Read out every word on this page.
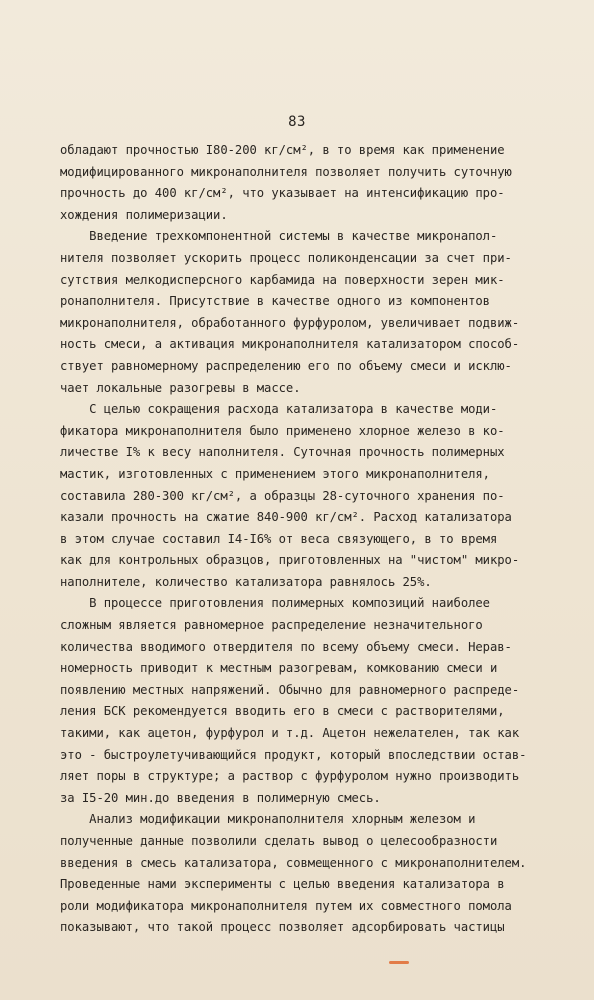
83
обладают прочностью I80-200 кг/см², в то время как применение
модифицированного микронаполнителя позволяет получить суточную
прочность до 400 кг/см², что указывает на интенсификацию про-
хождения полимеризации.
Введение трехкомпонентной системы в качестве микронапол-
нителя позволяет ускорить процесс поликонденсации за счет при-
сутствия мелкодисперсного карбамида на поверхности зерен мик-
ронаполнителя. Присутствие в качестве одного из компонентов
микронаполнителя, обработанного фурфуролом, увеличивает подвиж-
ность смеси, а активация микронаполнителя катализатором способ-
ствует равномерному распределению его по объему смеси и исклю-
чает локальные разогревы в массе.
С целью сокращения расхода катализатора в качестве моди-
фикатора микронаполнителя было применено хлорное железо в ко-
личестве I% к весу наполнителя. Суточная прочность полимерных
мастик, изготовленных с применением этого микронаполнителя,
составила 280-300 кг/см², а образцы 28-суточного хранения по-
казали прочность на сжатие 840-900 кг/см². Расход катализатора
в этом случае составил I4-I6% от веса связующего, в то время
как для контрольных образцов, приготовленных на "чистом" микро-
наполнителе, количество катализатора равнялось 25%.
В процессе приготовления полимерных композиций наиболее
сложным является равномерное распределение незначительного
количества вводимого отвердителя по всему объему смеси. Нерав-
номерность приводит к местным разогревам, комкованию смеси и
появлению местных напряжений. Обычно для равномерного распреде-
ления БСК рекомендуется вводить его в смеси с растворителями,
такими, как ацетон, фурфурол и т.д. Ацетон нежелателен, так как
это - быстроулетучивающийся продукт, который впоследствии остав-
ляет поры в структуре; а раствор с фурфуролом нужно производить
за I5-20 мин.до введения в полимерную смесь.
Анализ модификации микронаполнителя хлорным железом и
полученные данные позволили сделать вывод о целесообразности
введения в смесь катализатора, совмещенного с микронаполнителем.
Проведенные нами эксперименты с целью введения катализатора в
роли модификатора микронаполнителя путем их совместного помола
показывают, что такой процесс позволяет адсорбировать частицы
